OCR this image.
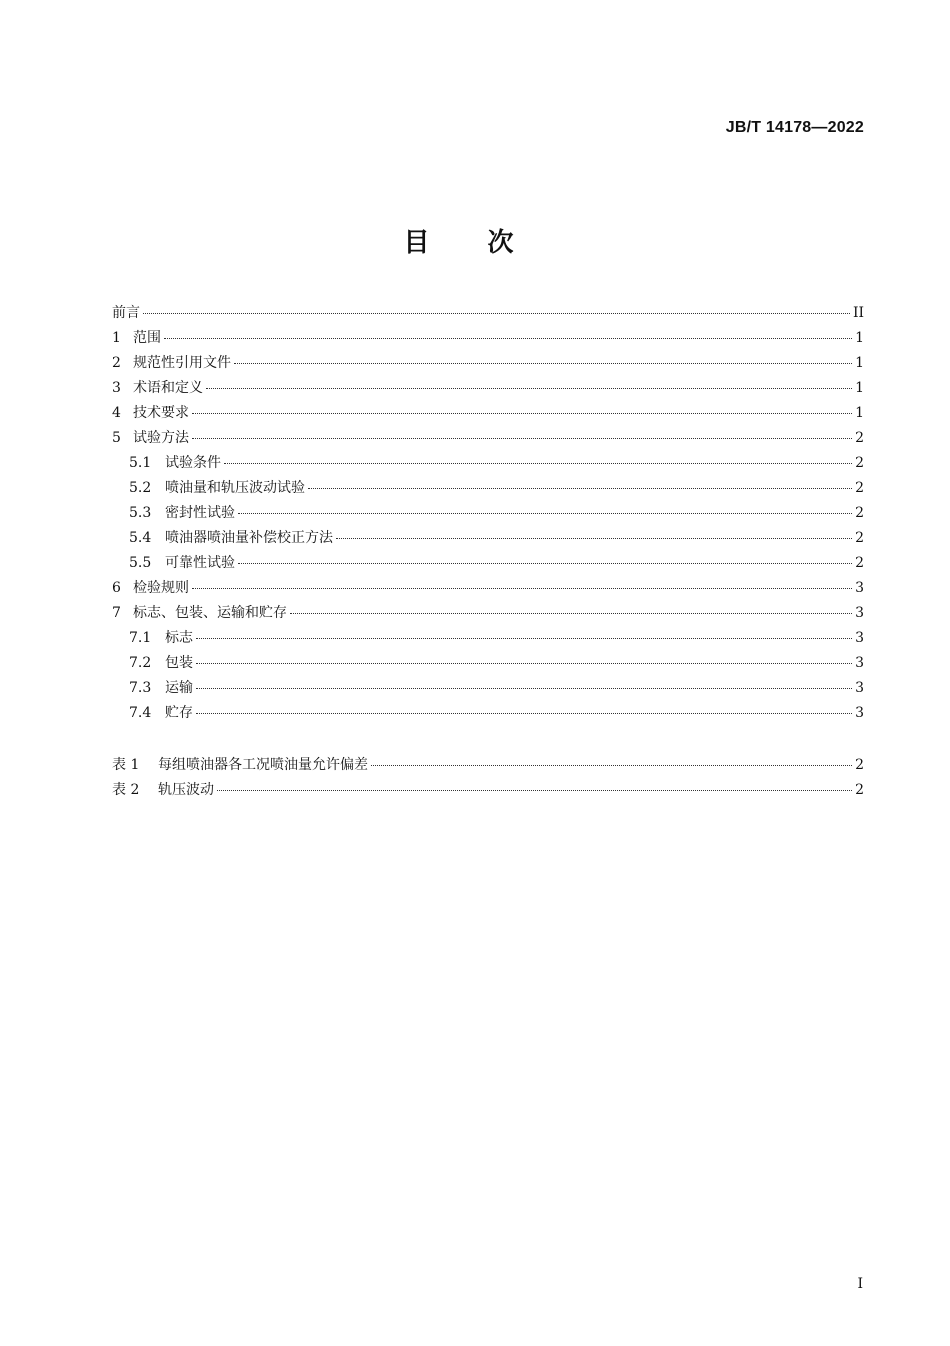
JB/T 14178—2022
目次
前言	II
1 范围	1
2 规范性引用文件	1
3 术语和定义	1
4 技术要求	1
5 试验方法	2
5.1 试验条件	2
5.2 喷油量和轨压波动试验	2
5.3 密封性试验	2
5.4 喷油器喷油量补偿校正方法	2
5.5 可靠性试验	2
6 检验规则	3
7 标志、包装、运输和贮存	3
7.1 标志	3
7.2 包装	3
7.3 运输	3
7.4 贮存	3
表 1	每组喷油器各工况喷油量允许偏差	2
表 2	轨压波动	2
I
